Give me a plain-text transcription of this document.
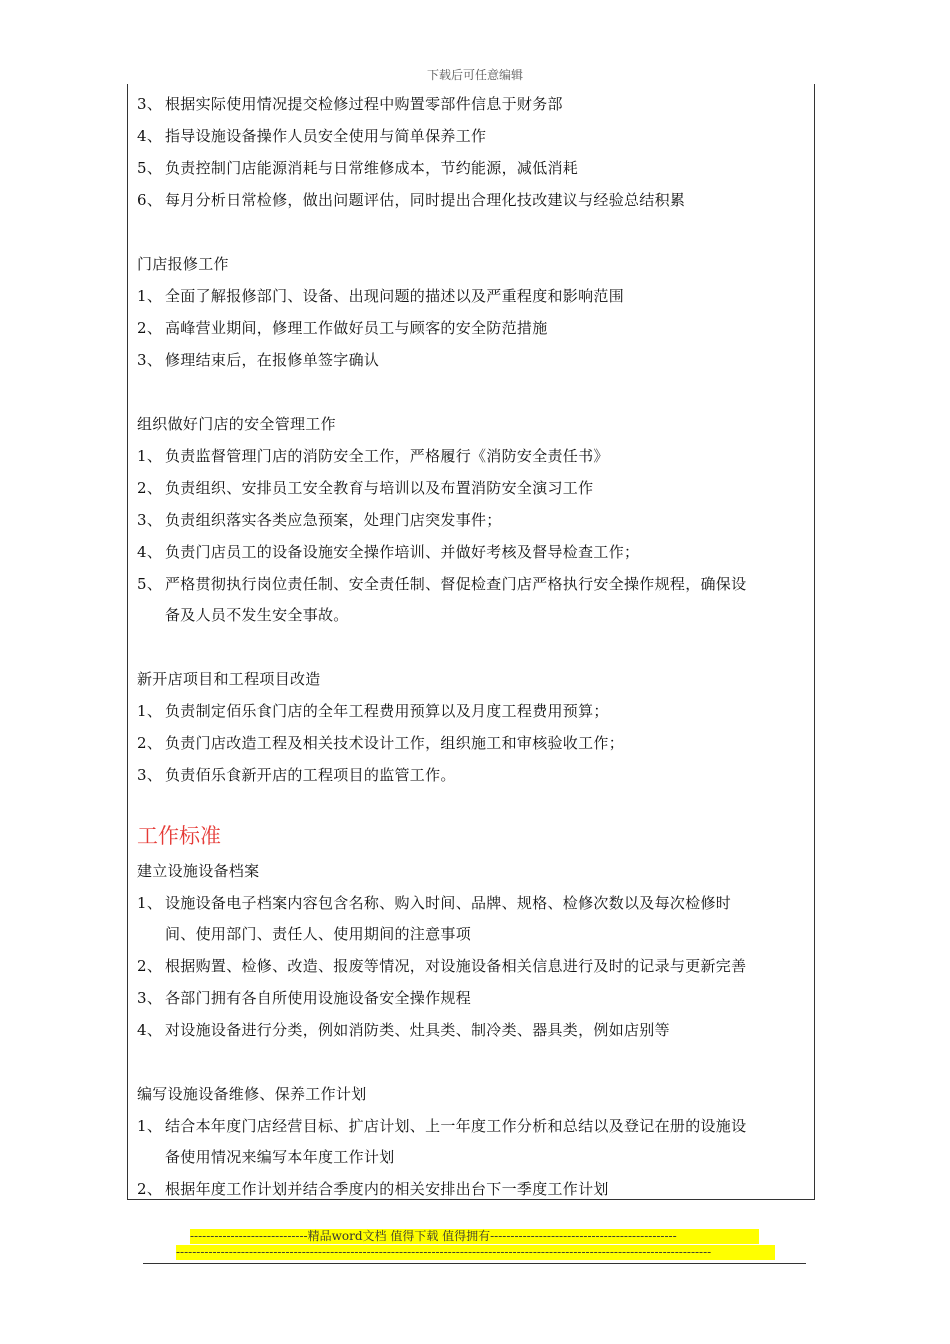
下载后可任意编辑
3、 根据实际使用情况提交检修过程中购置零部件信息于财务部
4、 指导设施设备操作人员安全使用与简单保养工作
5、 负责控制门店能源消耗与日常维修成本，节约能源，减低消耗
6、 每月分析日常检修，做出问题评估，同时提出合理化技改建议与经验总结积累
门店报修工作
1、 全面了解报修部门、设备、出现问题的描述以及严重程度和影响范围
2、 高峰营业期间，修理工作做好员工与顾客的安全防范措施
3、 修理结束后，在报修单签字确认
组织做好门店的安全管理工作
1、 负责监督管理门店的消防安全工作，严格履行《消防安全责任书》
2、 负责组织、安排员工安全教育与培训以及布置消防安全演习工作
3、 负责组织落实各类应急预案，处理门店突发事件；
4、 负责门店员工的设备设施安全操作培训、并做好考核及督导检查工作；
5、 严格贯彻执行岗位责任制、安全责任制、督促检查门店严格执行安全操作规程，确保设
备及人员不发生安全事故。
新开店项目和工程项目改造
1、 负责制定佰乐食门店的全年工程费用预算以及月度工程费用预算；
2、 负责门店改造工程及相关技术设计工作，组织施工和审核验收工作；
3、 负责佰乐食新开店的工程项目的监管工作。
工作标准
建立设施设备档案
1、 设施设备电子档案内容包含名称、购入时间、品牌、规格、检修次数以及每次检修时
间、使用部门、责任人、使用期间的注意事项
2、 根据购置、检修、改造、报废等情况，对设施设备相关信息进行及时的记录与更新完善
3、 各部门拥有各自所使用设施设备安全操作规程
4、 对设施设备进行分类，例如消防类、灶具类、制冷类、器具类，例如店别等
编写设施设备维修、保养工作计划
1、 结合本年度门店经营目标、扩店计划、上一年度工作分析和总结以及登记在册的设施设
备使用情况来编写本年度工作计划
2、 根据年度工作计划并结合季度内的相关安排出台下一季度工作计划
-----------------------------精品word文档 值得下载 值得拥有----------------------------------------------
------------------------------------------------------------------------------------------------------------------------------------
